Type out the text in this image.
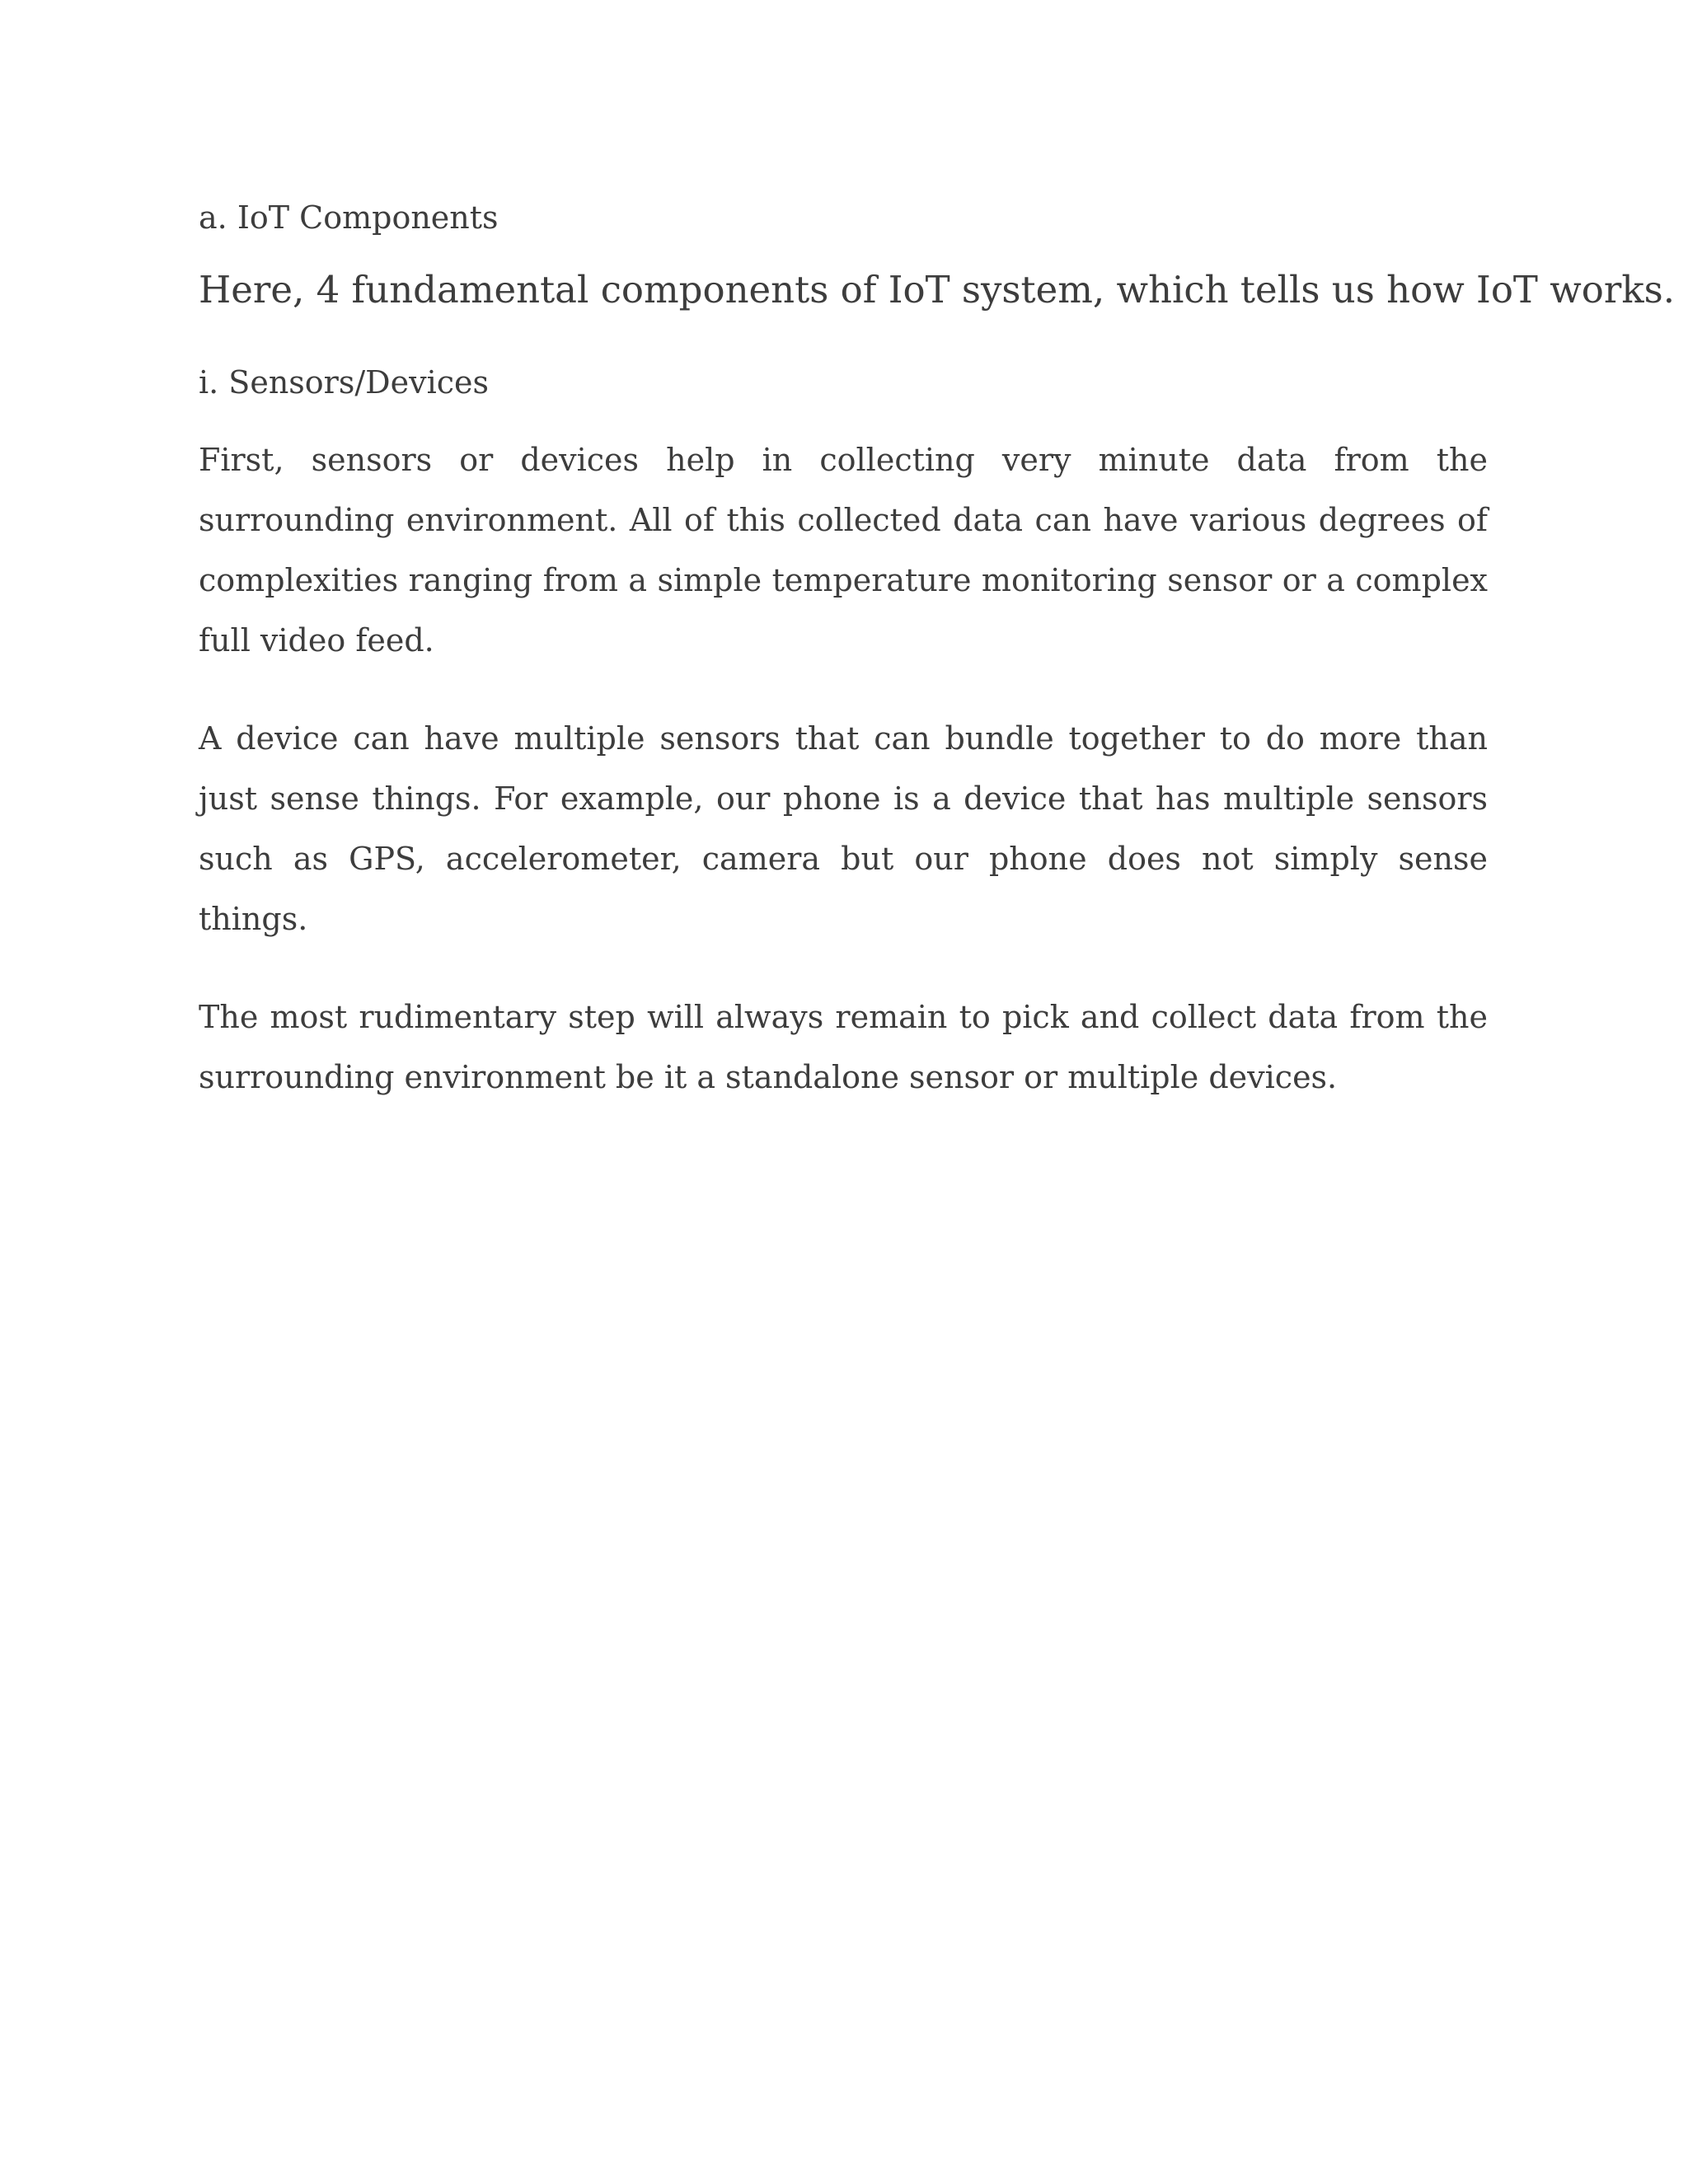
a. IoT Components

Here, 4 fundamental components of IoT system, which tells us how IoT works.

i. Sensors/Devices

First, sensors or devices help in collecting very minute data from the surrounding environment. All of this collected data can have various degrees of complexities ranging from a simple temperature monitoring sensor or a complex full video feed.

A device can have multiple sensors that can bundle together to do more than just sense things. For example, our phone is a device that has multiple sensors such as GPS, accelerometer, camera but our phone does not simply sense things.

The most rudimentary step will always remain to pick and collect data from the surrounding environment be it a standalone sensor or multiple devices.
